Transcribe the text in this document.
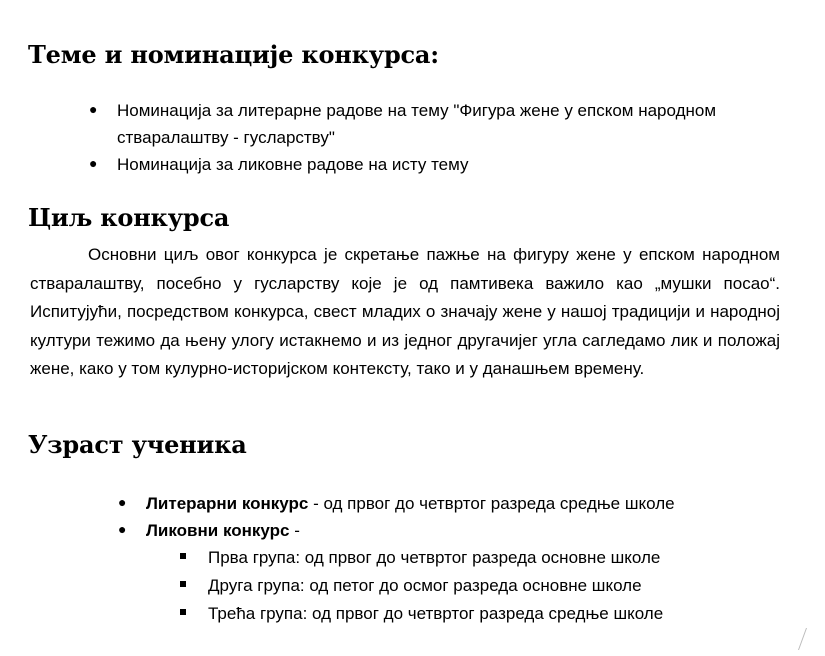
Теме и номинације конкурса:
● Номинација за литерарне радове на тему "Фигура жене у епском народном
стваралаштву - гусларству"
● Номинација за ликовне радове на исту тему
Циљ конкурса

Основни циљ овог конкурса је скретање пажње на фигуру жене у епском народном стваралаштву, посебно у гусларству које је од памтивека важило као „мушки посао“. Испитујући, посредством конкурса, свест младих о значају жене у нашој традицији и народној култури тежимо да њену улогу истакнемо и из једног другачијег угла сагледамо лик и положај жене, како у том кулурно-историјском контексту, тако и у данашњем времену.

Узраст ученика
● Литерарни конкурс - од првог до четвртог разреда средње школе
● Ликовни конкурс -
Прва група: од првог до четвртог разреда основне школе
Друга група: од петог до осмог разреда основне школе
Трећа група: од првог до четвртог разреда средње школе
